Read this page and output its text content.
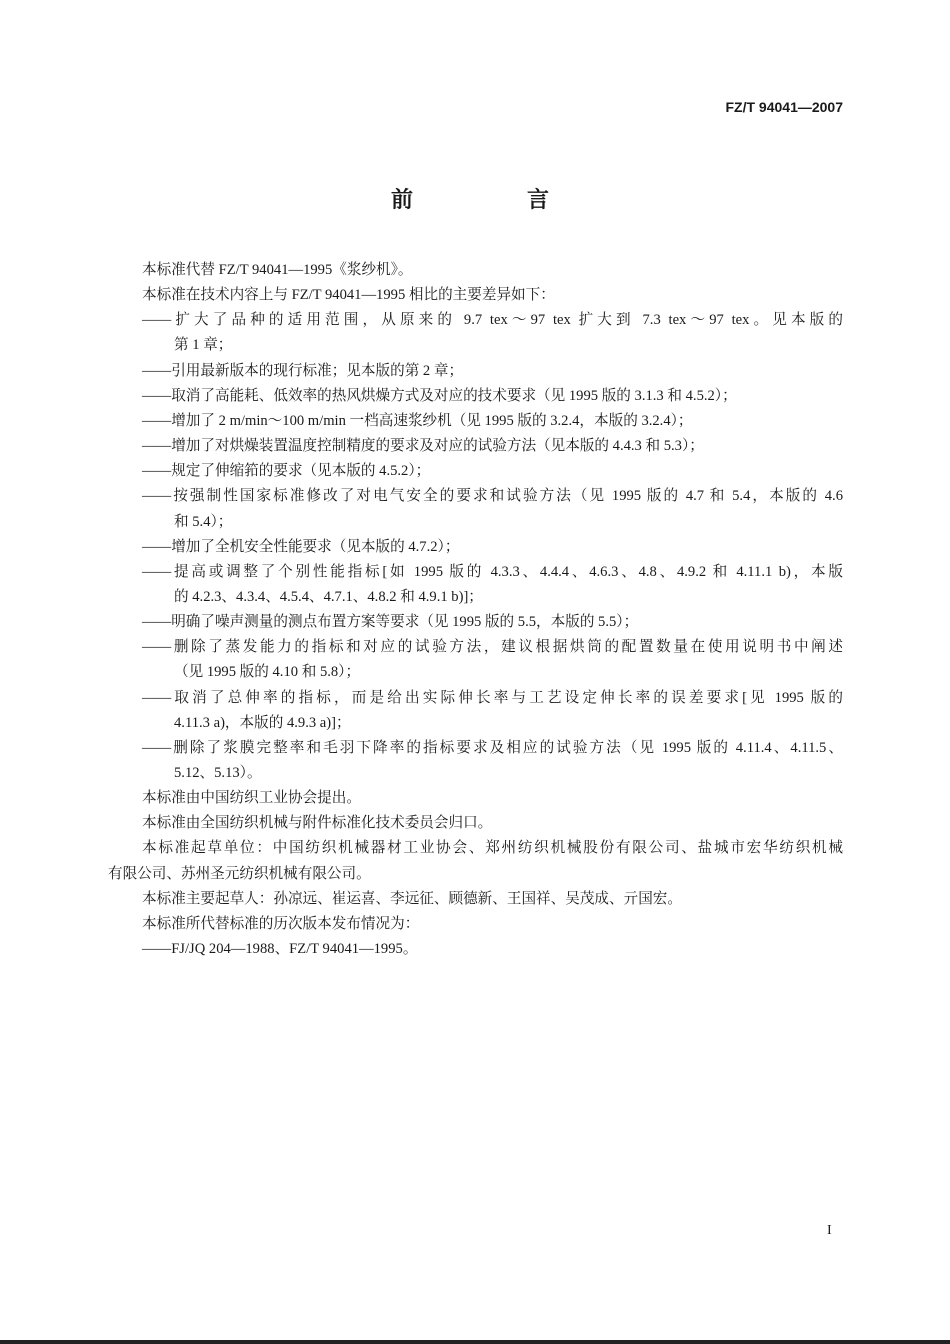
FZ/T 94041—2007
前　言
本标准代替 FZ/T 94041—1995《浆纱机》。
本标准在技术内容上与 FZ/T 94041—1995 相比的主要差异如下：
——扩大了品种的适用范围，从原来的 9.7 tex～97 tex 扩大到 7.3 tex～97 tex。见本版的
第 1 章；
——引用最新版本的现行标准；见本版的第 2 章；
——取消了高能耗、低效率的热风烘燥方式及对应的技术要求（见 1995 版的 3.1.3 和 4.5.2）；
——增加了 2 m/min～100 m/min 一档高速浆纱机（见 1995 版的 3.2.4，本版的 3.2.4）；
——增加了对烘燥装置温度控制精度的要求及对应的试验方法（见本版的 4.4.3 和 5.3）；
——规定了伸缩筘的要求（见本版的 4.5.2）；
——按强制性国家标准修改了对电气安全的要求和试验方法（见 1995 版的 4.7 和 5.4，本版的 4.6
和 5.4）；
——增加了全机安全性能要求（见本版的 4.7.2）；
——提高或调整了个别性能指标[如 1995 版的 4.3.3、4.4.4、4.6.3、4.8、4.9.2 和 4.11.1 b)，本版
的 4.2.3、4.3.4、4.5.4、4.7.1、4.8.2 和 4.9.1 b)]；
——明确了噪声测量的测点布置方案等要求（见 1995 版的 5.5，本版的 5.5）；
——删除了蒸发能力的指标和对应的试验方法，建议根据烘筒的配置数量在使用说明书中阐述
（见 1995 版的 4.10 和 5.8）；
——取消了总伸率的指标，而是给出实际伸长率与工艺设定伸长率的误差要求[见 1995 版的
4.11.3 a)，本版的 4.9.3 a)]；
——删除了浆膜完整率和毛羽下降率的指标要求及相应的试验方法（见 1995 版的 4.11.4、4.11.5、
5.12、5.13）。
本标准由中国纺织工业协会提出。
本标准由全国纺织机械与附件标准化技术委员会归口。
本标准起草单位：中国纺织机械器材工业协会、郑州纺织机械股份有限公司、盐城市宏华纺织机械
有限公司、苏州圣元纺织机械有限公司。
本标准主要起草人：孙凉远、崔运喜、李远征、顾德新、王国祥、吴茂成、亓国宏。
本标准所代替标准的历次版本发布情况为：
——FJ/JQ 204—1988、FZ/T 94041—1995。
I
